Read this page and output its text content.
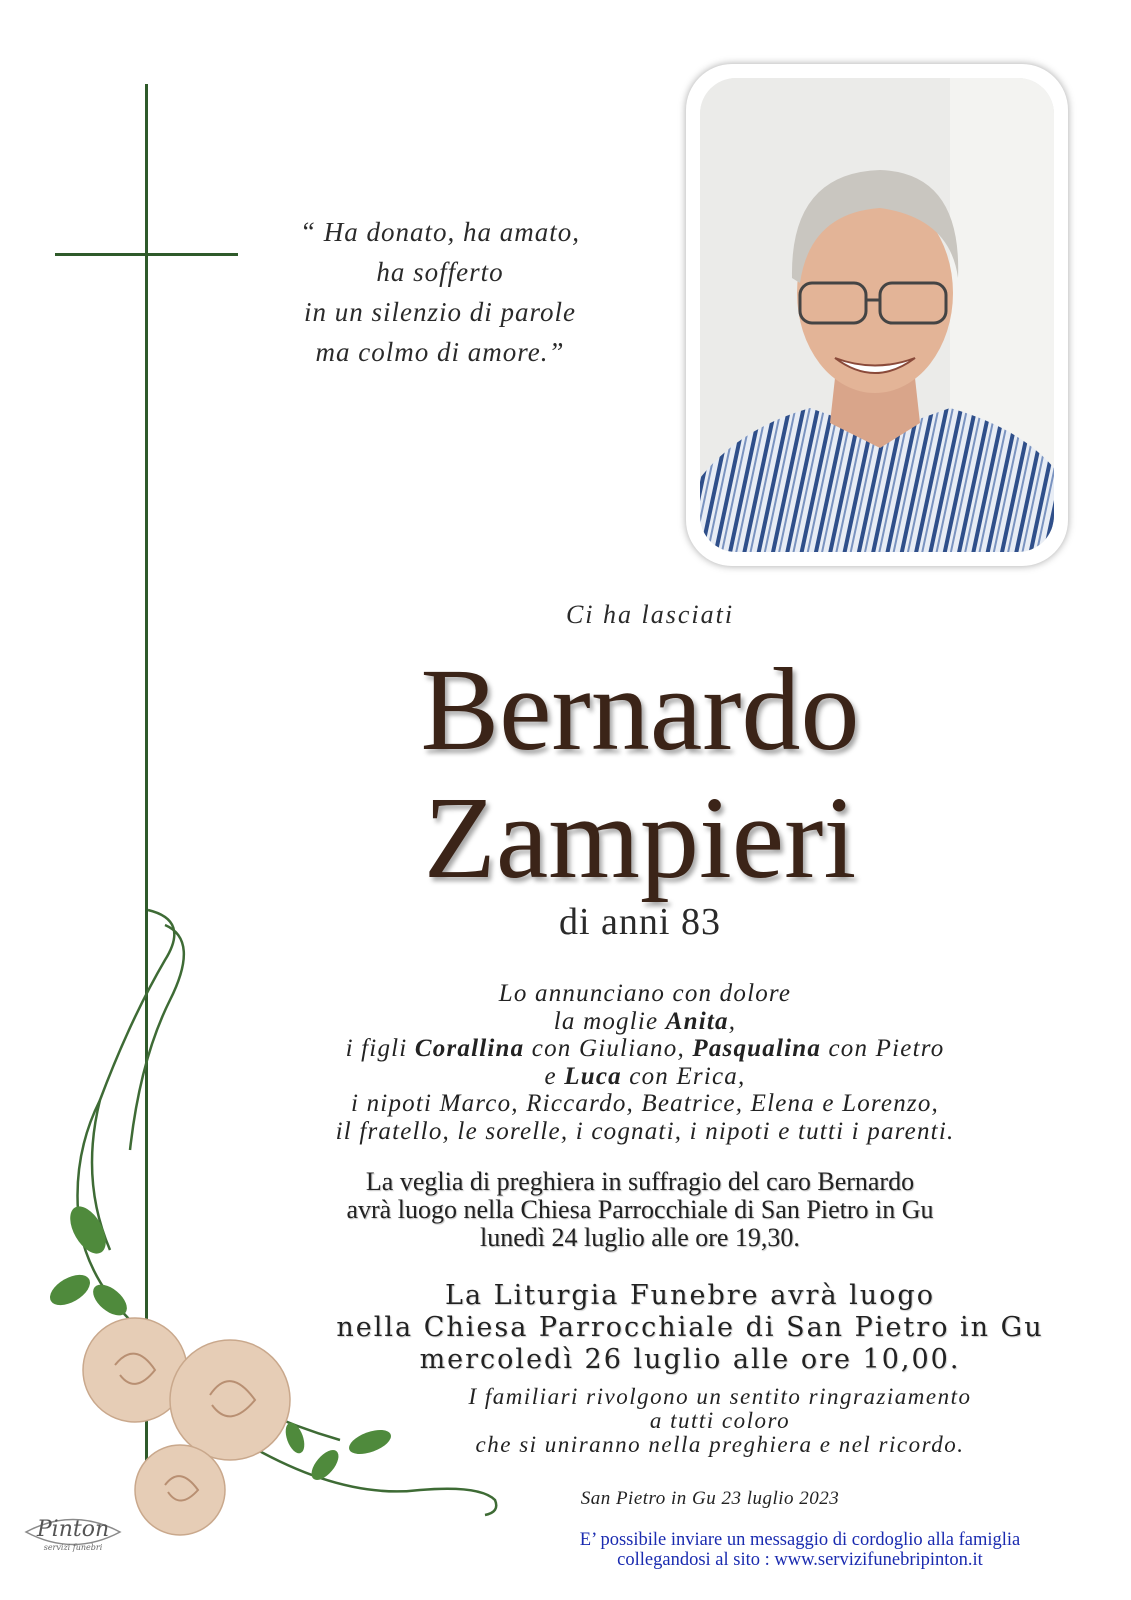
“ Ha donato, ha amato,
ha sofferto
in un silenzio di parole
ma colmo di amore.”
Ci ha lasciati
Bernardo
Zampieri
di anni 83
Lo annunciano con dolore
la moglie Anita,
i figli Corallina con Giuliano, Pasqualina con Pietro
e Luca con Erica,
i nipoti Marco, Riccardo, Beatrice, Elena e Lorenzo,
il fratello, le sorelle, i cognati, i nipoti e tutti i parenti.
La veglia di preghiera in suffragio del caro Bernardo
avrà luogo nella Chiesa Parrocchiale di San Pietro in Gu
lunedì 24 luglio alle ore 19,30.
La Liturgia Funebre avrà luogo
nella Chiesa Parrocchiale di San Pietro in Gu
mercoledì 26 luglio alle ore 10,00.
I familiari rivolgono un sentito ringraziamento
a tutti coloro
che si uniranno nella preghiera e nel ricordo.
San Pietro in Gu 23 luglio 2023
E’ possibile inviare un messaggio di cordoglio alla famiglia
collegandosi al sito : www.servizifunebripinton.it
Pinton
servizi funebri
